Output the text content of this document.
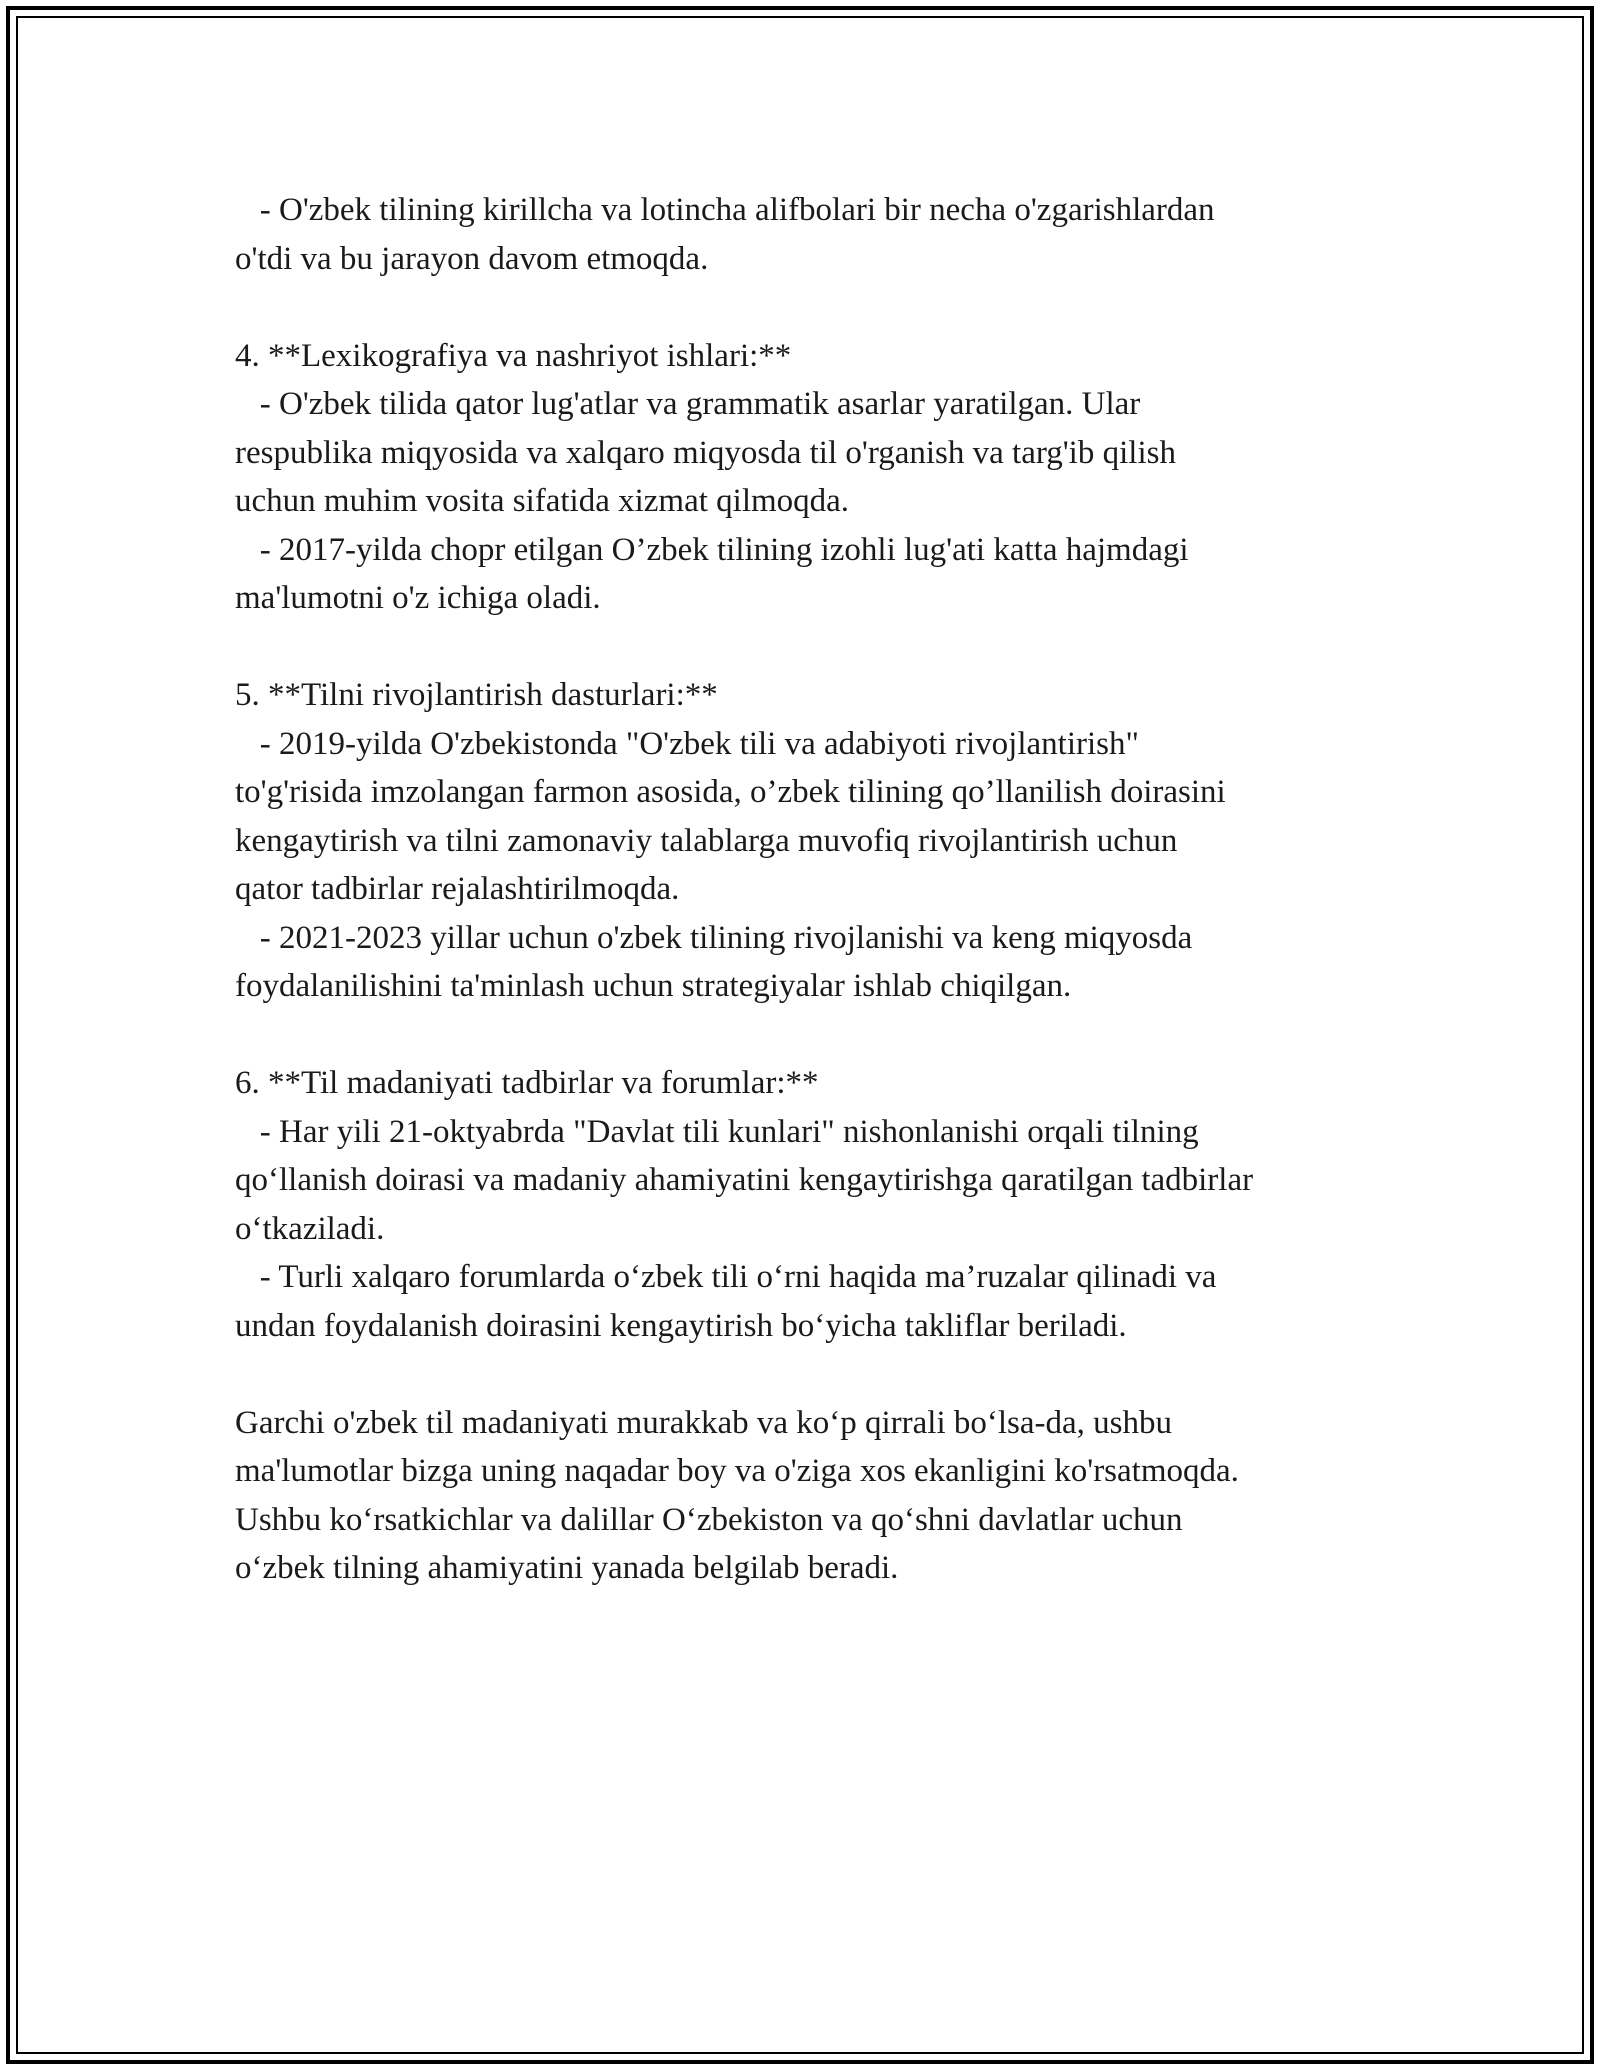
- O'zbek tilining kirillcha va lotincha alifbolari bir necha o'zgarishlardan

o'tdi va bu jarayon davom etmoqda.

4. **Lexikografiya va nashriyot ishlari:**

- O'zbek tilida qator lug'atlar va grammatik asarlar yaratilgan. Ular

respublika miqyosida va xalqaro miqyosda til o'rganish va targ'ib qilish

uchun muhim vosita sifatida xizmat qilmoqda.

- 2017-yilda chopr etilgan O’zbek tilining izohli lug'ati katta hajmdagi

ma'lumotni o'z ichiga oladi.

5. **Tilni rivojlantirish dasturlari:**

- 2019-yilda O'zbekistonda "O'zbek tili va adabiyoti rivojlantirish"

to'g'risida imzolangan farmon asosida, o’zbek tilining qo’llanilish doirasini

kengaytirish va tilni zamonaviy talablarga muvofiq rivojlantirish uchun

qator tadbirlar rejalashtirilmoqda.

- 2021-2023 yillar uchun o'zbek tilining rivojlanishi va keng miqyosda

foydalanilishini ta'minlash uchun strategiyalar ishlab chiqilgan.

6. **Til madaniyati tadbirlar va forumlar:**

- Har yili 21-oktyabrda "Davlat tili kunlari" nishonlanishi orqali tilning

qo‘llanish doirasi va madaniy ahamiyatini kengaytirishga qaratilgan tadbirlar

o‘tkaziladi.

- Turli xalqaro forumlarda o‘zbek tili o‘rni haqida ma’ruzalar qilinadi va

undan foydalanish doirasini kengaytirish bo‘yicha takliflar beriladi.

Garchi o'zbek til madaniyati murakkab va ko‘p qirrali bo‘lsa-da, ushbu

ma'lumotlar bizga uning naqadar boy va o'ziga xos ekanligini ko'rsatmoqda.

Ushbu ko‘rsatkichlar va dalillar O‘zbekiston va qo‘shni davlatlar uchun

o‘zbek tilning ahamiyatini yanada belgilab beradi.
